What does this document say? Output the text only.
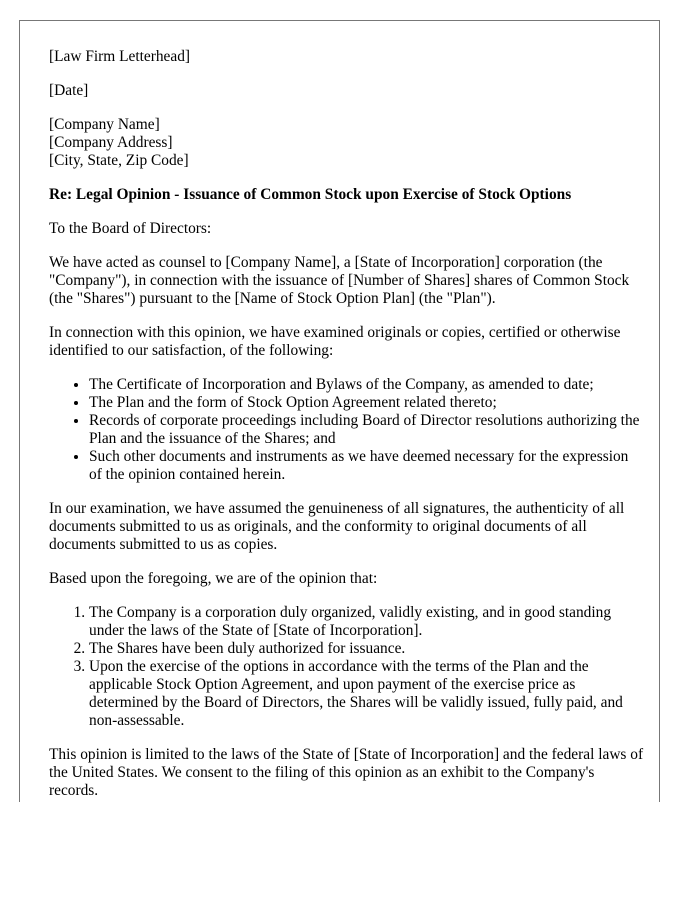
[Law Firm Letterhead]

[Date]

[Company Name]
[Company Address]
[City, State, Zip Code]

Re: Legal Opinion - Issuance of Common Stock upon Exercise of Stock Options

To the Board of Directors:

We have acted as counsel to [Company Name], a [State of Incorporation] corporation (the "Company"), in connection with the issuance of [Number of Shares] shares of Common Stock (the "Shares") pursuant to the [Name of Stock Option Plan] (the "Plan").

In connection with this opinion, we have examined originals or copies, certified or otherwise identified to our satisfaction, of the following:

• The Certificate of Incorporation and Bylaws of the Company, as amended to date;
• The Plan and the form of Stock Option Agreement related thereto;
• Records of corporate proceedings including Board of Director resolutions authorizing the Plan and the issuance of the Shares; and
• Such other documents and instruments as we have deemed necessary for the expression of the opinion contained herein.

In our examination, we have assumed the genuineness of all signatures, the authenticity of all documents submitted to us as originals, and the conformity to original documents of all documents submitted to us as copies.

Based upon the foregoing, we are of the opinion that:

1. The Company is a corporation duly organized, validly existing, and in good standing under the laws of the State of [State of Incorporation].
2. The Shares have been duly authorized for issuance.
3. Upon the exercise of the options in accordance with the terms of the Plan and the applicable Stock Option Agreement, and upon payment of the exercise price as determined by the Board of Directors, the Shares will be validly issued, fully paid, and non-assessable.

This opinion is limited to the laws of the State of [State of Incorporation] and the federal laws of the United States. We consent to the filing of this opinion as an exhibit to the Company's records.
